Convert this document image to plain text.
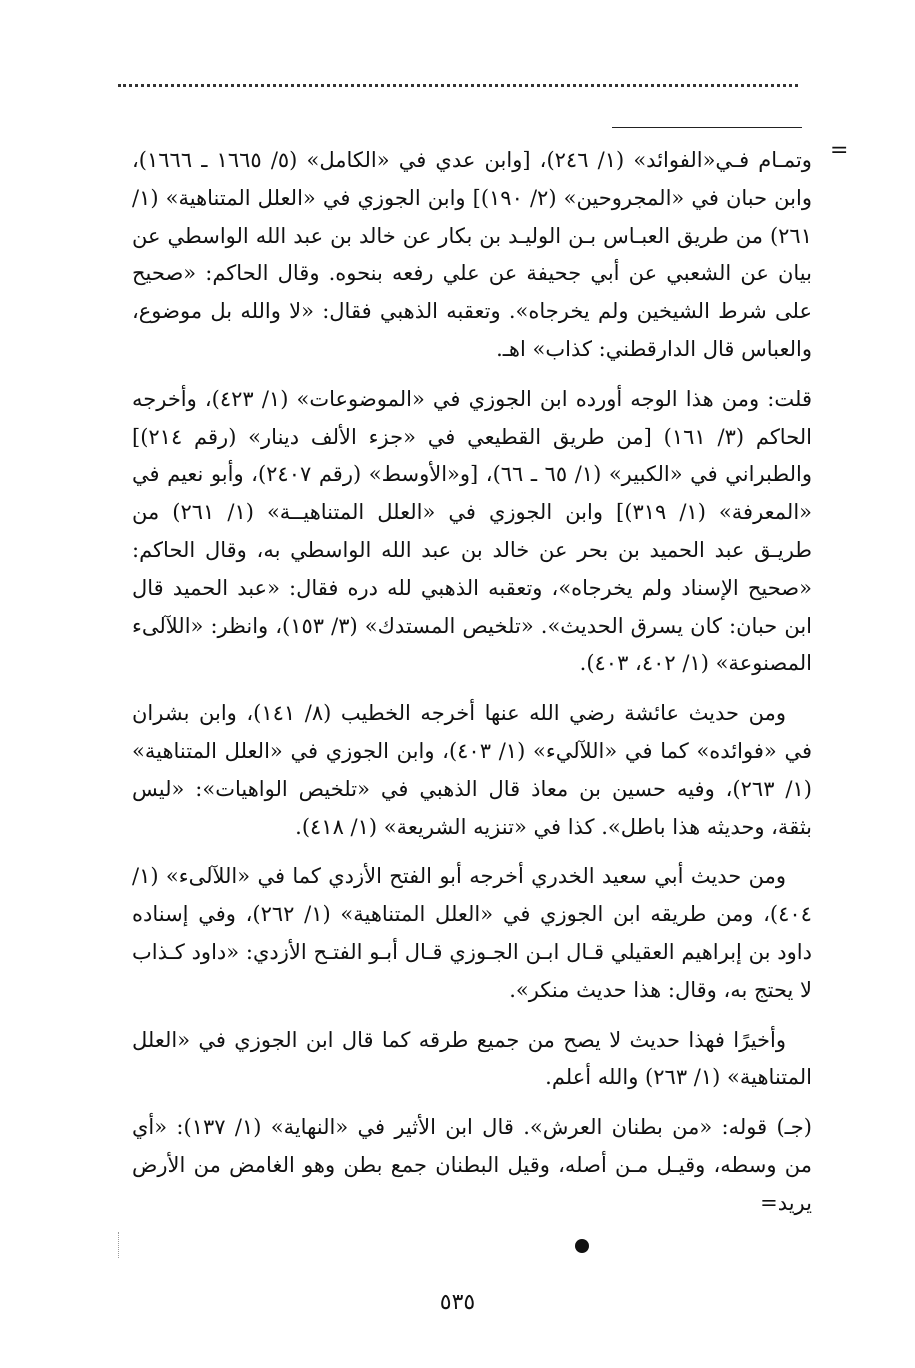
=

وتمـام فـي«الفوائد» (١/ ٢٤٦)، [وابن عدي في «الكامل» (٥/ ١٦٦٥ ـ ١٦٦٦)، وابن حبان في «المجروحين» (٢/ ١٩٠)] وابن الجوزي في «العلل المتناهية» (١/ ٢٦١) من طريق العبـاس بـن الوليـد بن بكار عن خالد بن عبد الله الواسطي عن بيان عن الشعبي عن أبي جحيفة عن علي رفعه بنحوه. وقال الحاكم: «صحيح على شرط الشيخين ولم يخرجاه». وتعقبه الذهبي فقال: «لا والله بل موضوع، والعباس قال الدارقطني: كذاب» اهـ.

قلت: ومن هذا الوجه أورده ابن الجوزي في «الموضوعات» (١/ ٤٢٣)، وأخرجه الحاكم (٣/ ١٦١) [من طريق القطيعي في «جزء الألف دينار» (رقم ٢١٤)] والطبراني في «الكبير» (١/ ٦٥ ـ ٦٦)، [و«الأوسط» (رقم ٢٤٠٧)، وأبو نعيم في «المعرفة» (١/ ٣١٩)] وابن الجوزي في «العلل المتناهيــة» (١/ ٢٦١) من طريـق عبد الحميد بن بحر عن خالد بن عبد الله الواسطي به، وقال الحاكم: «صحيح الإسناد ولم يخرجاه»، وتعقبه الذهبي لله دره فقال: «عبد الحميد قال ابن حبان: كان يسرق الحديث». «تلخيص المستدك» (٣/ ١٥٣)، وانظر: «اللآلىء المصنوعة» (١/ ٤٠٢، ٤٠٣).

ومن حديث عائشة رضي الله عنها أخرجه الخطيب (٨/ ١٤١)، وابن بشران في «فوائده» كما في «اللآليء» (١/ ٤٠٣)، وابن الجوزي في «العلل المتناهية» (١/ ٢٦٣)، وفيه حسين بن معاذ قال الذهبي في «تلخيص الواهيات»: «ليس بثقة، وحديثه هذا باطل». كذا في «تنزيه الشريعة» (١/ ٤١٨).

ومن حديث أبي سعيد الخدري أخرجه أبو الفتح الأزدي كما في «اللآلىء» (١/ ٤٠٤)، ومن طريقه ابن الجوزي في «العلل المتناهية» (١/ ٢٦٢)، وفي إسناده داود بن إبراهيم العقيلي قـال ابـن الجـوزي قـال أبـو الفتـح الأزدي: «داود كـذاب لا يحتج به، وقال: هذا حديث منكر».

وأخيرًا فهذا حديث لا يصح من جميع طرقه كما قال ابن الجوزي في «العلل المتناهية» (١/ ٢٦٣) والله أعلم.

(جـ) قوله: «من بطنان العرش». قال ابن الأثير في «النهاية» (١/ ١٣٧): «أي من وسطه، وقيـل مـن أصله، وقيل البطنان جمع بطن وهو الغامض من الأرض يريد=

٥٣٥
